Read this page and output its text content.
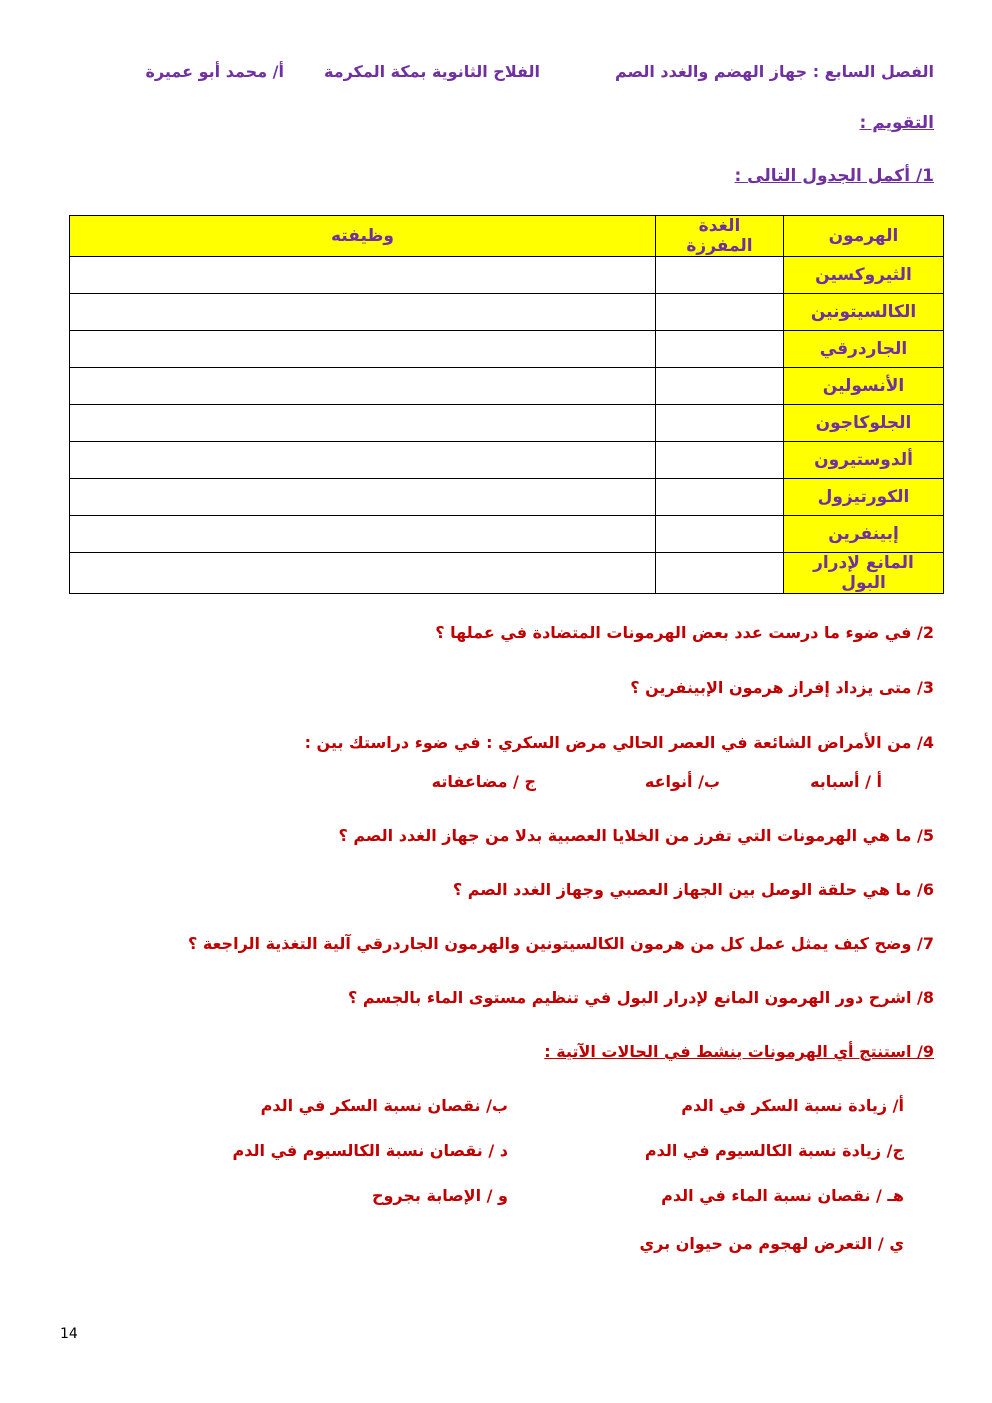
الفصل السابع : جهاز الهضم والغدد الصم
الفلاح الثانوية بمكة المكرمة
أ/ محمد أبو عميرة
التقويم :
1/ أكمل الجدول التالى :
الهرمون	الغدة المفرزة	وظيفته
الثيروكسين		
الكالسيتونين		
الجاردرقي		
الأنسولين		
الجلوكاجون		
ألدوستيرون		
الكورتيزول		
إبينفرين		
المانع لإدرار البول		
2/ في ضوء ما درست عدد بعض الهرمونات المتضادة في عملها ؟
3/ متى يزداد إفراز هرمون الإبينفرين ؟
4/ من الأمراض الشائعة في العصر الحالي مرض السكري : في ضوء دراستك بين :
أ / أسبابه
ب/ أنواعه
ج / مضاعفاته
5/ ما هي الهرمونات التي تفرز من الخلايا العصبية بدلا من جهاز الغدد الصم ؟
6/ ما هي حلقة الوصل بين الجهاز العصبي وجهاز الغدد الصم ؟
7/ وضح كيف يمثل عمل كل من هرمون الكالسيتونين والهرمون الجاردرقي آلية التغذية الراجعة ؟
8/ اشرح دور الهرمون المانع لإدرار البول في تنظيم مستوى الماء بالجسم ؟
9/ استنتج أي الهرمونات ينشط في الحالات الآتية :
أ/ زيادة نسبة السكر في الدم
ب/ نقصان نسبة السكر في الدم
ج/ زيادة نسبة الكالسيوم في الدم
د / نقصان نسبة الكالسيوم في الدم
هـ / نقصان نسبة الماء في الدم
و / الإصابة بجروح
ي / التعرض لهجوم من حيوان بري
14
